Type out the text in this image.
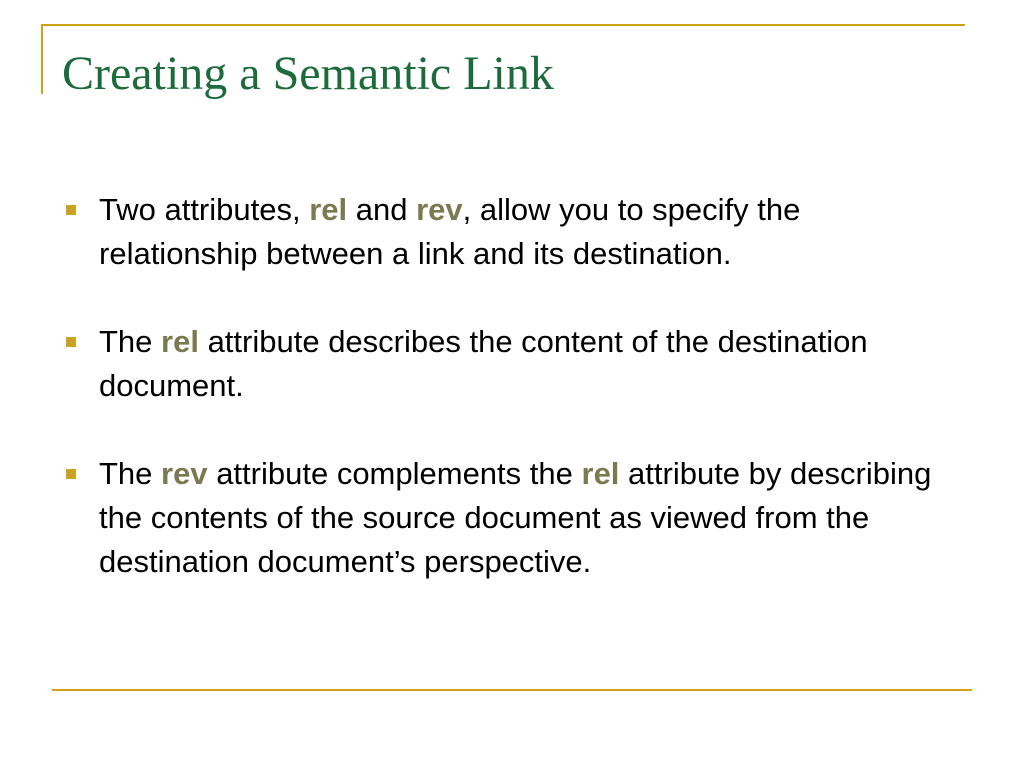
Creating a Semantic Link
Two attributes, rel and rev, allow you to specify the relationship between a link and its destination.
The rel attribute describes the content of the destination document.
The rev attribute complements the rel attribute by describing the contents of the source document as viewed from the destination document’s perspective.
